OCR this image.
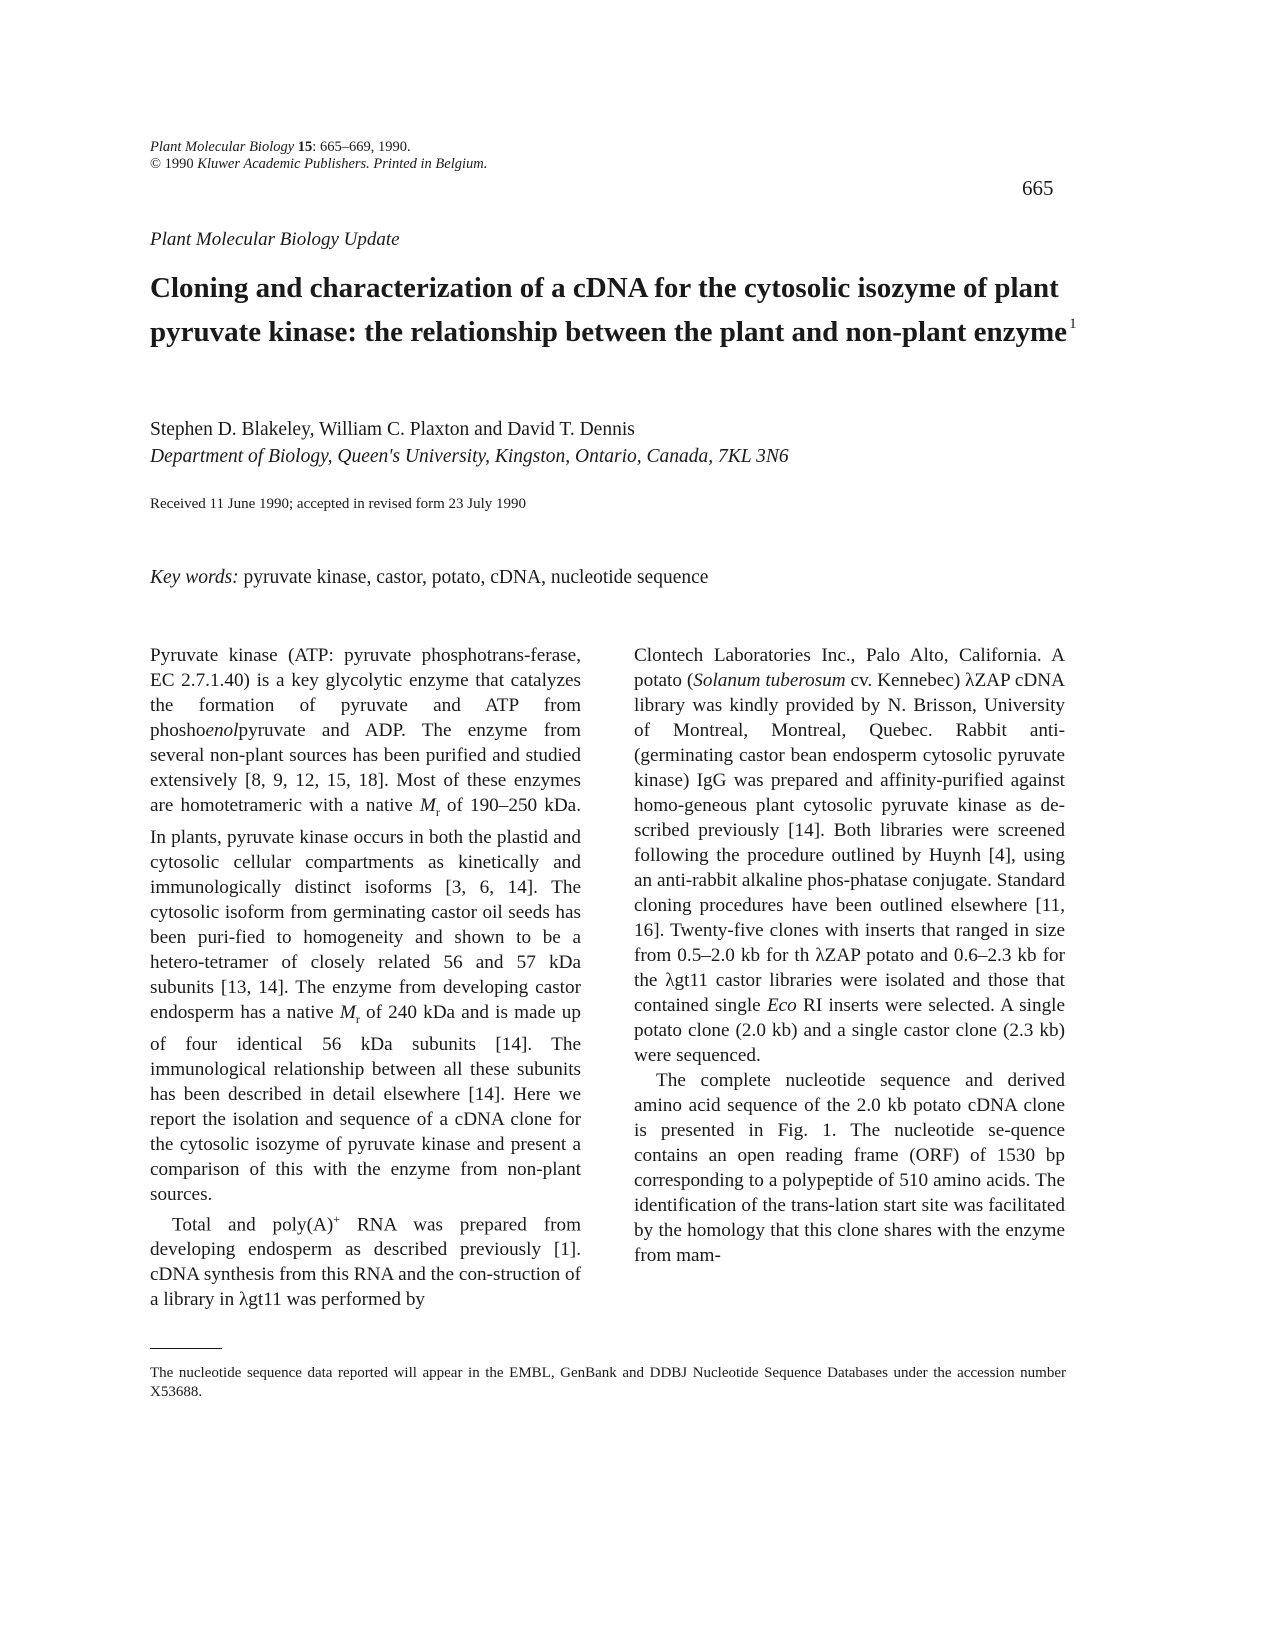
Plant Molecular Biology 15: 665–669, 1990.
© 1990 Kluwer Academic Publishers. Printed in Belgium.
665
Plant Molecular Biology Update
Cloning and characterization of a cDNA for the cytosolic isozyme of plant pyruvate kinase: the relationship between the plant and non-plant enzyme $^1$
Stephen D. Blakeley, William C. Plaxton and David T. Dennis
Department of Biology, Queen's University, Kingston, Ontario, Canada, 7KL 3N6
Received 11 June 1990; accepted in revised form 23 July 1990
Key words: pyruvate kinase, castor, potato, cDNA, nucleotide sequence

Pyruvate kinase (ATP: pyruvate phosphotrans-ferase, EC 2.7.1.40) is a key glycolytic enzyme that catalyzes the formation of pyruvate and ATP from phoshoenolpyruvate and ADP. The enzyme from several non-plant sources has been purified and studied extensively [8, 9, 12, 15, 18]. Most of these enzymes are homotetrameric with a native $M_r$ of 190–250 kDa. In plants, pyruvate kinase occurs in both the plastid and cytosolic cellular compartments as kinetically and immunologically distinct isoforms [3, 6, 14]. The cytosolic isoform from germinating castor oil seeds has been puri-fied to homogeneity and shown to be a hetero-tetramer of closely related 56 and 57 kDa subunits [13, 14]. The enzyme from developing castor endosperm has a native $M_r$ of 240 kDa and is made up of four identical 56 kDa subunits [14]. The immunological relationship between all these subunits has been described in detail elsewhere [14]. Here we report the isolation and sequence of a cDNA clone for the cytosolic isozyme of pyruvate kinase and present a comparison of this with the enzyme from non-plant sources.

Total and poly(A)+ RNA was prepared from developing endosperm as described previously [1]. cDNA synthesis from this RNA and the con-struction of a library in λgt11 was performed by

Clontech Laboratories Inc., Palo Alto, California. A potato (Solanum tuberosum cv. Kennebec) λZAP cDNA library was kindly provided by N. Brisson, University of Montreal, Montreal, Quebec. Rabbit anti-(germinating castor bean endosperm cytosolic pyruvate kinase) IgG was prepared and affinity-purified against homo-geneous plant cytosolic pyruvate kinase as de-scribed previously [14]. Both libraries were screened following the procedure outlined by Huynh [4], using an anti-rabbit alkaline phos-phatase conjugate. Standard cloning procedures have been outlined elsewhere [11, 16]. Twenty-five clones with inserts that ranged in size from 0.5–2.0 kb for th λZAP potato and 0.6–2.3 kb for the λgt11 castor libraries were isolated and those that contained single Eco RI inserts were selected. A single potato clone (2.0 kb) and a single castor clone (2.3 kb) were sequenced.

The complete nucleotide sequence and derived amino acid sequence of the 2.0 kb potato cDNA clone is presented in Fig. 1. The nucleotide se-quence contains an open reading frame (ORF) of 1530 bp corresponding to a polypeptide of 510 amino acids. The identification of the trans-lation start site was facilitated by the homology that this clone shares with the enzyme from mam-

The nucleotide sequence data reported will appear in the EMBL, GenBank and DDBJ Nucleotide Sequence Databases under the accession number X53688.
